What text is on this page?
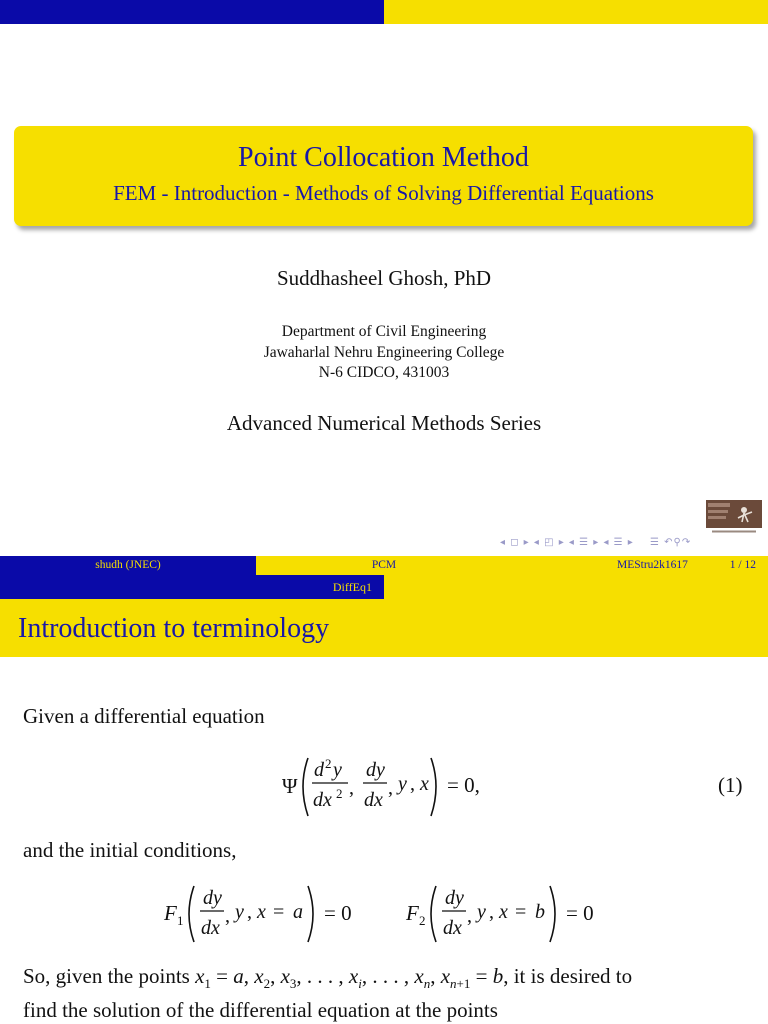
Point Collocation Method
FEM - Introduction - Methods of Solving Differential Equations
Suddhasheel Ghosh, PhD
Department of Civil Engineering
Jawaharlal Nehru Engineering College
N-6 CIDCO, 431003
Advanced Numerical Methods Series
◂ ◻ ▸ ◂ ◰ ▸ ◂ ☰ ▸ ◂ ☰ ▸ ☰ ↶⚲↷
shudh (JNEC)	PCM	MEStru2k1617	1 / 12
DiffEq1
Introduction to terminology
Given a differential equation
Ψ
d 2 y
dx 2 ,
dy
dx
, y , x = 0,	(1)
and the initial conditions,
F 1
dy
dx
, y , x = a = 0	F 2
dy
dx
, y , x = b = 0
So, given the points $x_1 = a$, $x_2$, $x_3$, . . . , $x_i$, . . . , $x_n$, $x_{n+1} = b$, it is desired to
find the solution of the differential equation at the points
